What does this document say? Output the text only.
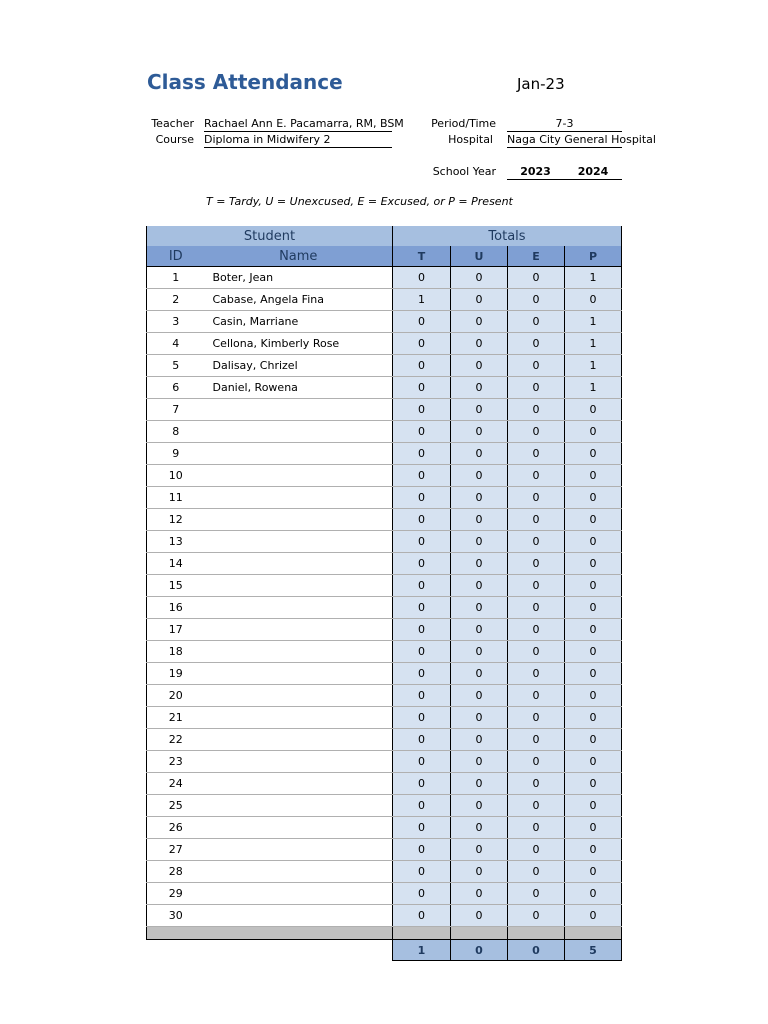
Class Attendance	Jan-23
Teacher Rachael Ann E. Pacamarra, RM, BSM
Course Diploma in Midwifery 2
Period/Time	7-3
Hospital Naga City General Hospital
School Year	2023	2024
T = Tardy, U = Unexcused, E = Excused, or P = Present
Student		Totals			
ID	Name	T	U	E	P
1	Boter, Jean	0	0	0	1
2	Cabase, Angela Fina	1	0	0	0
3	Casin, Marriane	0	0	0	1
4	Cellona, Kimberly Rose	0	0	0	1
5	Dalisay, Chrizel	0	0	0	1
6	Daniel, Rowena	0	0	0	1
7		0	0	0	0
8		0	0	0	0
9		0	0	0	0
10		0	0	0	0
11		0	0	0	0
12		0	0	0	0
13		0	0	0	0
14		0	0	0	0
15		0	0	0	0
16		0	0	0	0
17		0	0	0	0
18		0	0	0	0
19		0	0	0	0
20		0	0	0	0
21		0	0	0	0
22		0	0	0	0
23		0	0	0	0
24		0	0	0	0
25		0	0	0	0
26		0	0	0	0
27		0	0	0	0
28		0	0	0	0
29		0	0	0	0
30		0	0	0	0

		1	0	0	5
